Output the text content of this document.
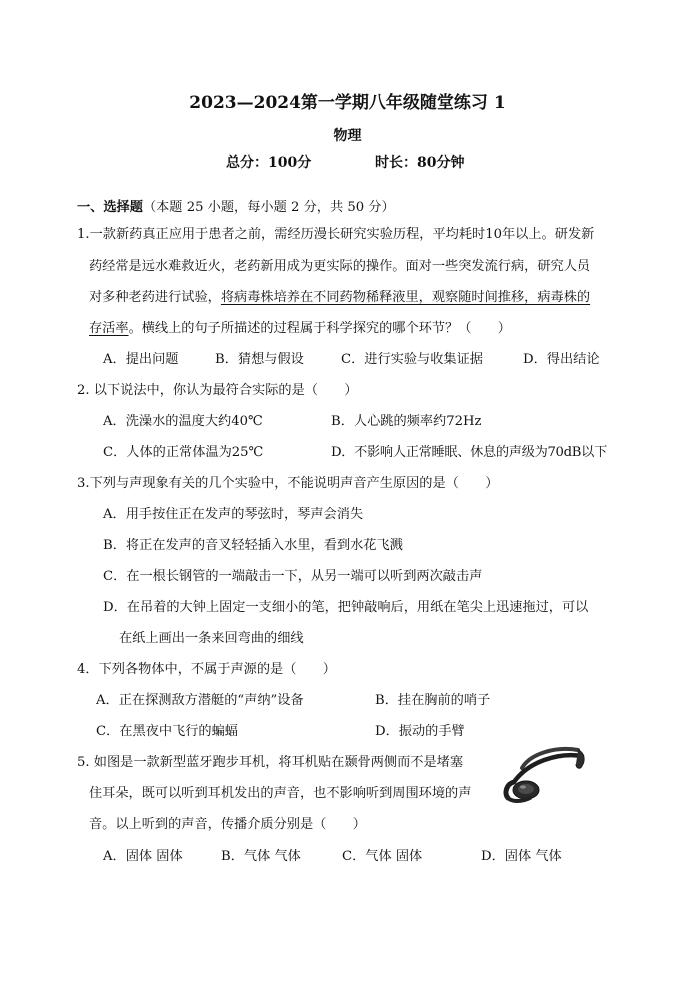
2023—2024第一学期八年级随堂练习 1
物理
总分：100分	时长：80分钟
一、选择题（本题 25 小题，每小题 2 分，共 50 分）
1.一款新药真正应用于患者之前，需经历漫长研究实验历程，平均耗时10年以上。研发新
药经常是远水难救近火，老药新用成为更实际的操作。面对一些突发流行病，研究人员
对多种老药进行试验，将病毒株培养在不同药物稀释液里，观察随时间推移，病毒株的
存活率。横线上的句子所描述的过程属于科学探究的哪个环节？（　　）
A．提出问题	B．猜想与假设	C．进行实验与收集证据	D．得出结论
2. 以下说法中，你认为最符合实际的是（　　）
A．洗澡水的温度大约40℃	B．人心跳的频率约72Hz
C．人体的正常体温为25℃	D．不影响人正常睡眠、休息的声级为70dB以下
3.下列与声现象有关的几个实验中，不能说明声音产生原因的是（　　）
A．用手按住正在发声的琴弦时，琴声会消失
B．将正在发声的音叉轻轻插入水里，看到水花飞溅
C．在一根长钢管的一端敲击一下，从另一端可以听到两次敲击声
D．在吊着的大钟上固定一支细小的笔，把钟敲响后，用纸在笔尖上迅速拖过，可以
在纸上画出一条来回弯曲的细线
4．下列各物体中，不属于声源的是（　　）
A．正在探测敌方潜艇的“声纳”设备	B．挂在胸前的哨子
C．在黑夜中飞行的蝙蝠	D．振动的手臂
5. 如图是一款新型蓝牙跑步耳机，将耳机贴在颞骨两侧而不是堵塞
住耳朵，既可以听到耳机发出的声音，也不影响听到周围环境的声
音。以上听到的声音，传播介质分别是（　　）
A．固体 固体	B．气体 气体	C．气体 固体	D．固体 气体
